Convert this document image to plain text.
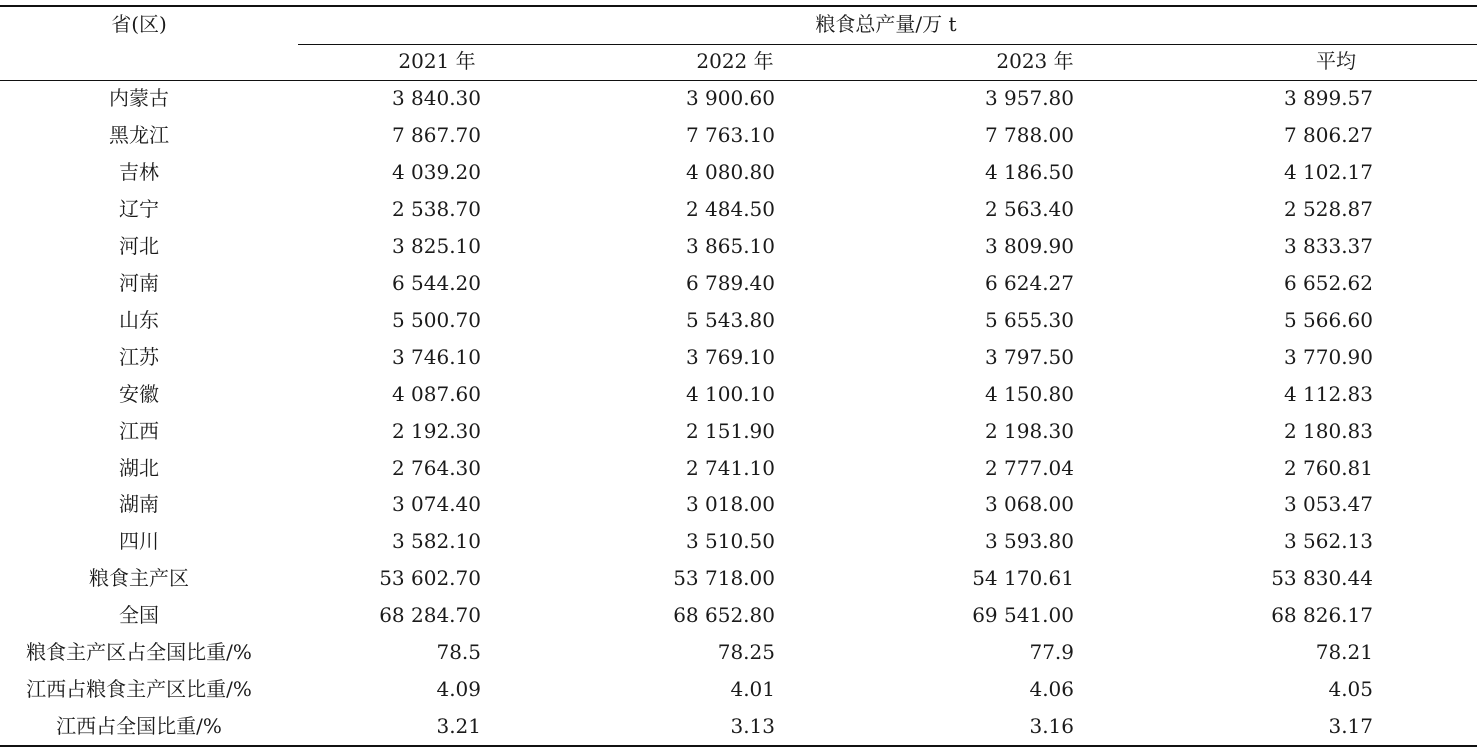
省(区)	粮食总产量/万 t
2021 年	2022 年	2023 年	平均
内蒙古	3 840.30	3 900.60	3 957.80	3 899.57
黑龙江	7 867.70	7 763.10	7 788.00	7 806.27
吉林	4 039.20	4 080.80	4 186.50	4 102.17
辽宁	2 538.70	2 484.50	2 563.40	2 528.87
河北	3 825.10	3 865.10	3 809.90	3 833.37
河南	6 544.20	6 789.40	6 624.27	6 652.62
山东	5 500.70	5 543.80	5 655.30	5 566.60
江苏	3 746.10	3 769.10	3 797.50	3 770.90
安徽	4 087.60	4 100.10	4 150.80	4 112.83
江西	2 192.30	2 151.90	2 198.30	2 180.83
湖北	2 764.30	2 741.10	2 777.04	2 760.81
湖南	3 074.40	3 018.00	3 068.00	3 053.47
四川	3 582.10	3 510.50	3 593.80	3 562.13
粮食主产区	53 602.70	53 718.00	54 170.61	53 830.44
全国	68 284.70	68 652.80	69 541.00	68 826.17
粮食主产区占全国比重/%	78.5	78.25	77.9	78.21
江西占粮食主产区比重/%	4.09	4.01	4.06	4.05
江西占全国比重/%	3.21	3.13	3.16	3.17
